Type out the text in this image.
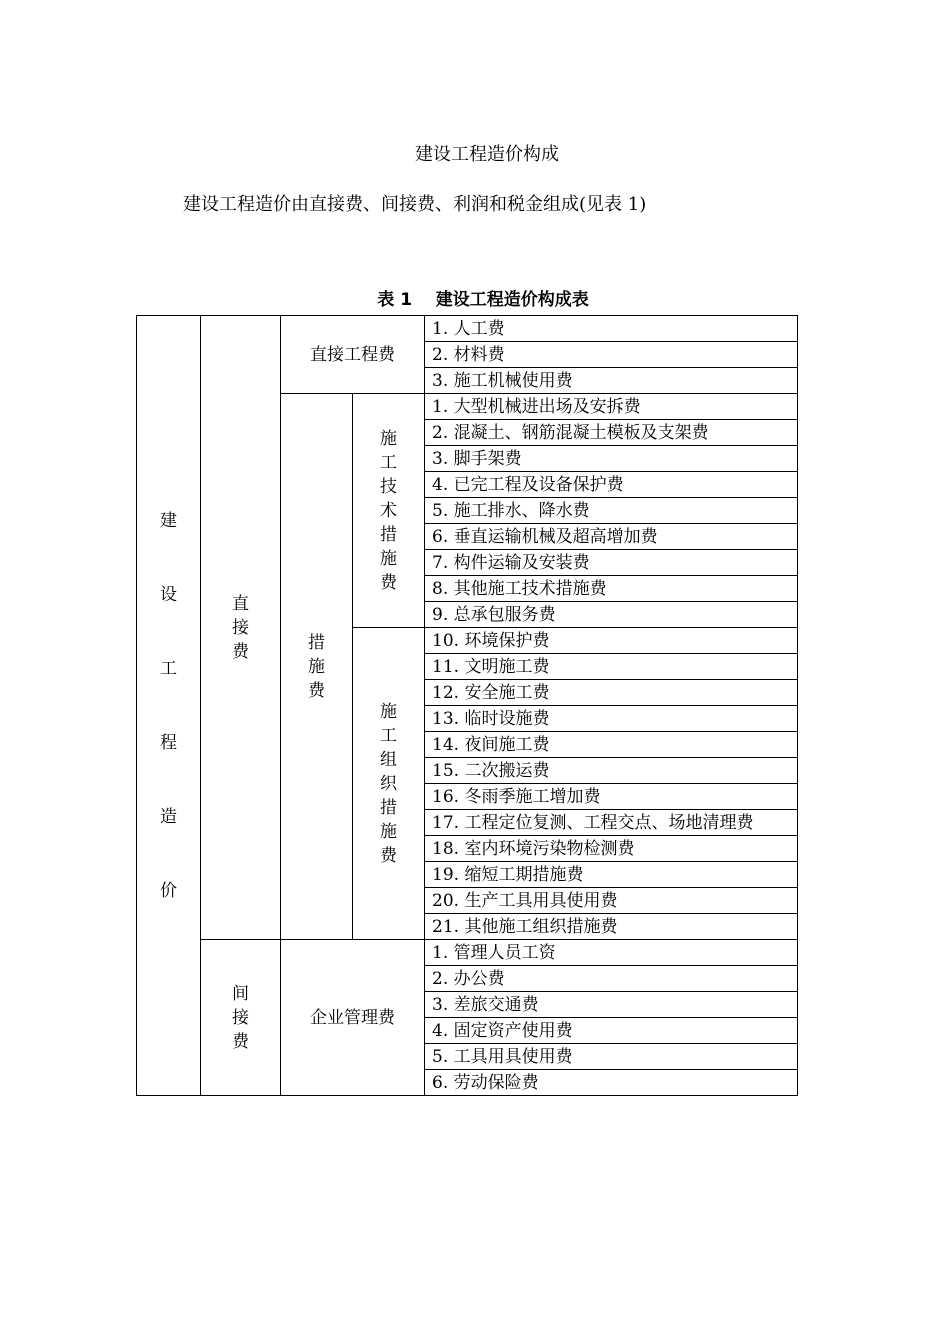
建设工程造价构成
建设工程造价由直接费、间接费、利润和税金组成(见表 1)
表 1    建设工程造价构成表
建设工程造价	直接费	直接工程费		1. 人工费
				2. 材料费
				3. 施工机械使用费
		措施费	施工技术措施费	1. 大型机械进出场及安拆费
				2. 混凝土、钢筋混凝土模板及支架费
				3. 脚手架费
				4. 已完工程及设备保护费
				5. 施工排水、降水费
				6. 垂直运输机械及超高增加费
				7. 构件运输及安装费
				8. 其他施工技术措施费
				9. 总承包服务费
			施工组织措施费	10. 环境保护费
				11. 文明施工费
				12. 安全施工费
				13. 临时设施费
				14. 夜间施工费
				15. 二次搬运费
				16. 冬雨季施工增加费
				17. 工程定位复测、工程交点、场地清理费
				18. 室内环境污染物检测费
				19. 缩短工期措施费
				20. 生产工具用具使用费
				21. 其他施工组织措施费
	间接费	企业管理费		1. 管理人员工资
				2. 办公费
				3. 差旅交通费
				4. 固定资产使用费
				5. 工具用具使用费
				6. 劳动保险费
